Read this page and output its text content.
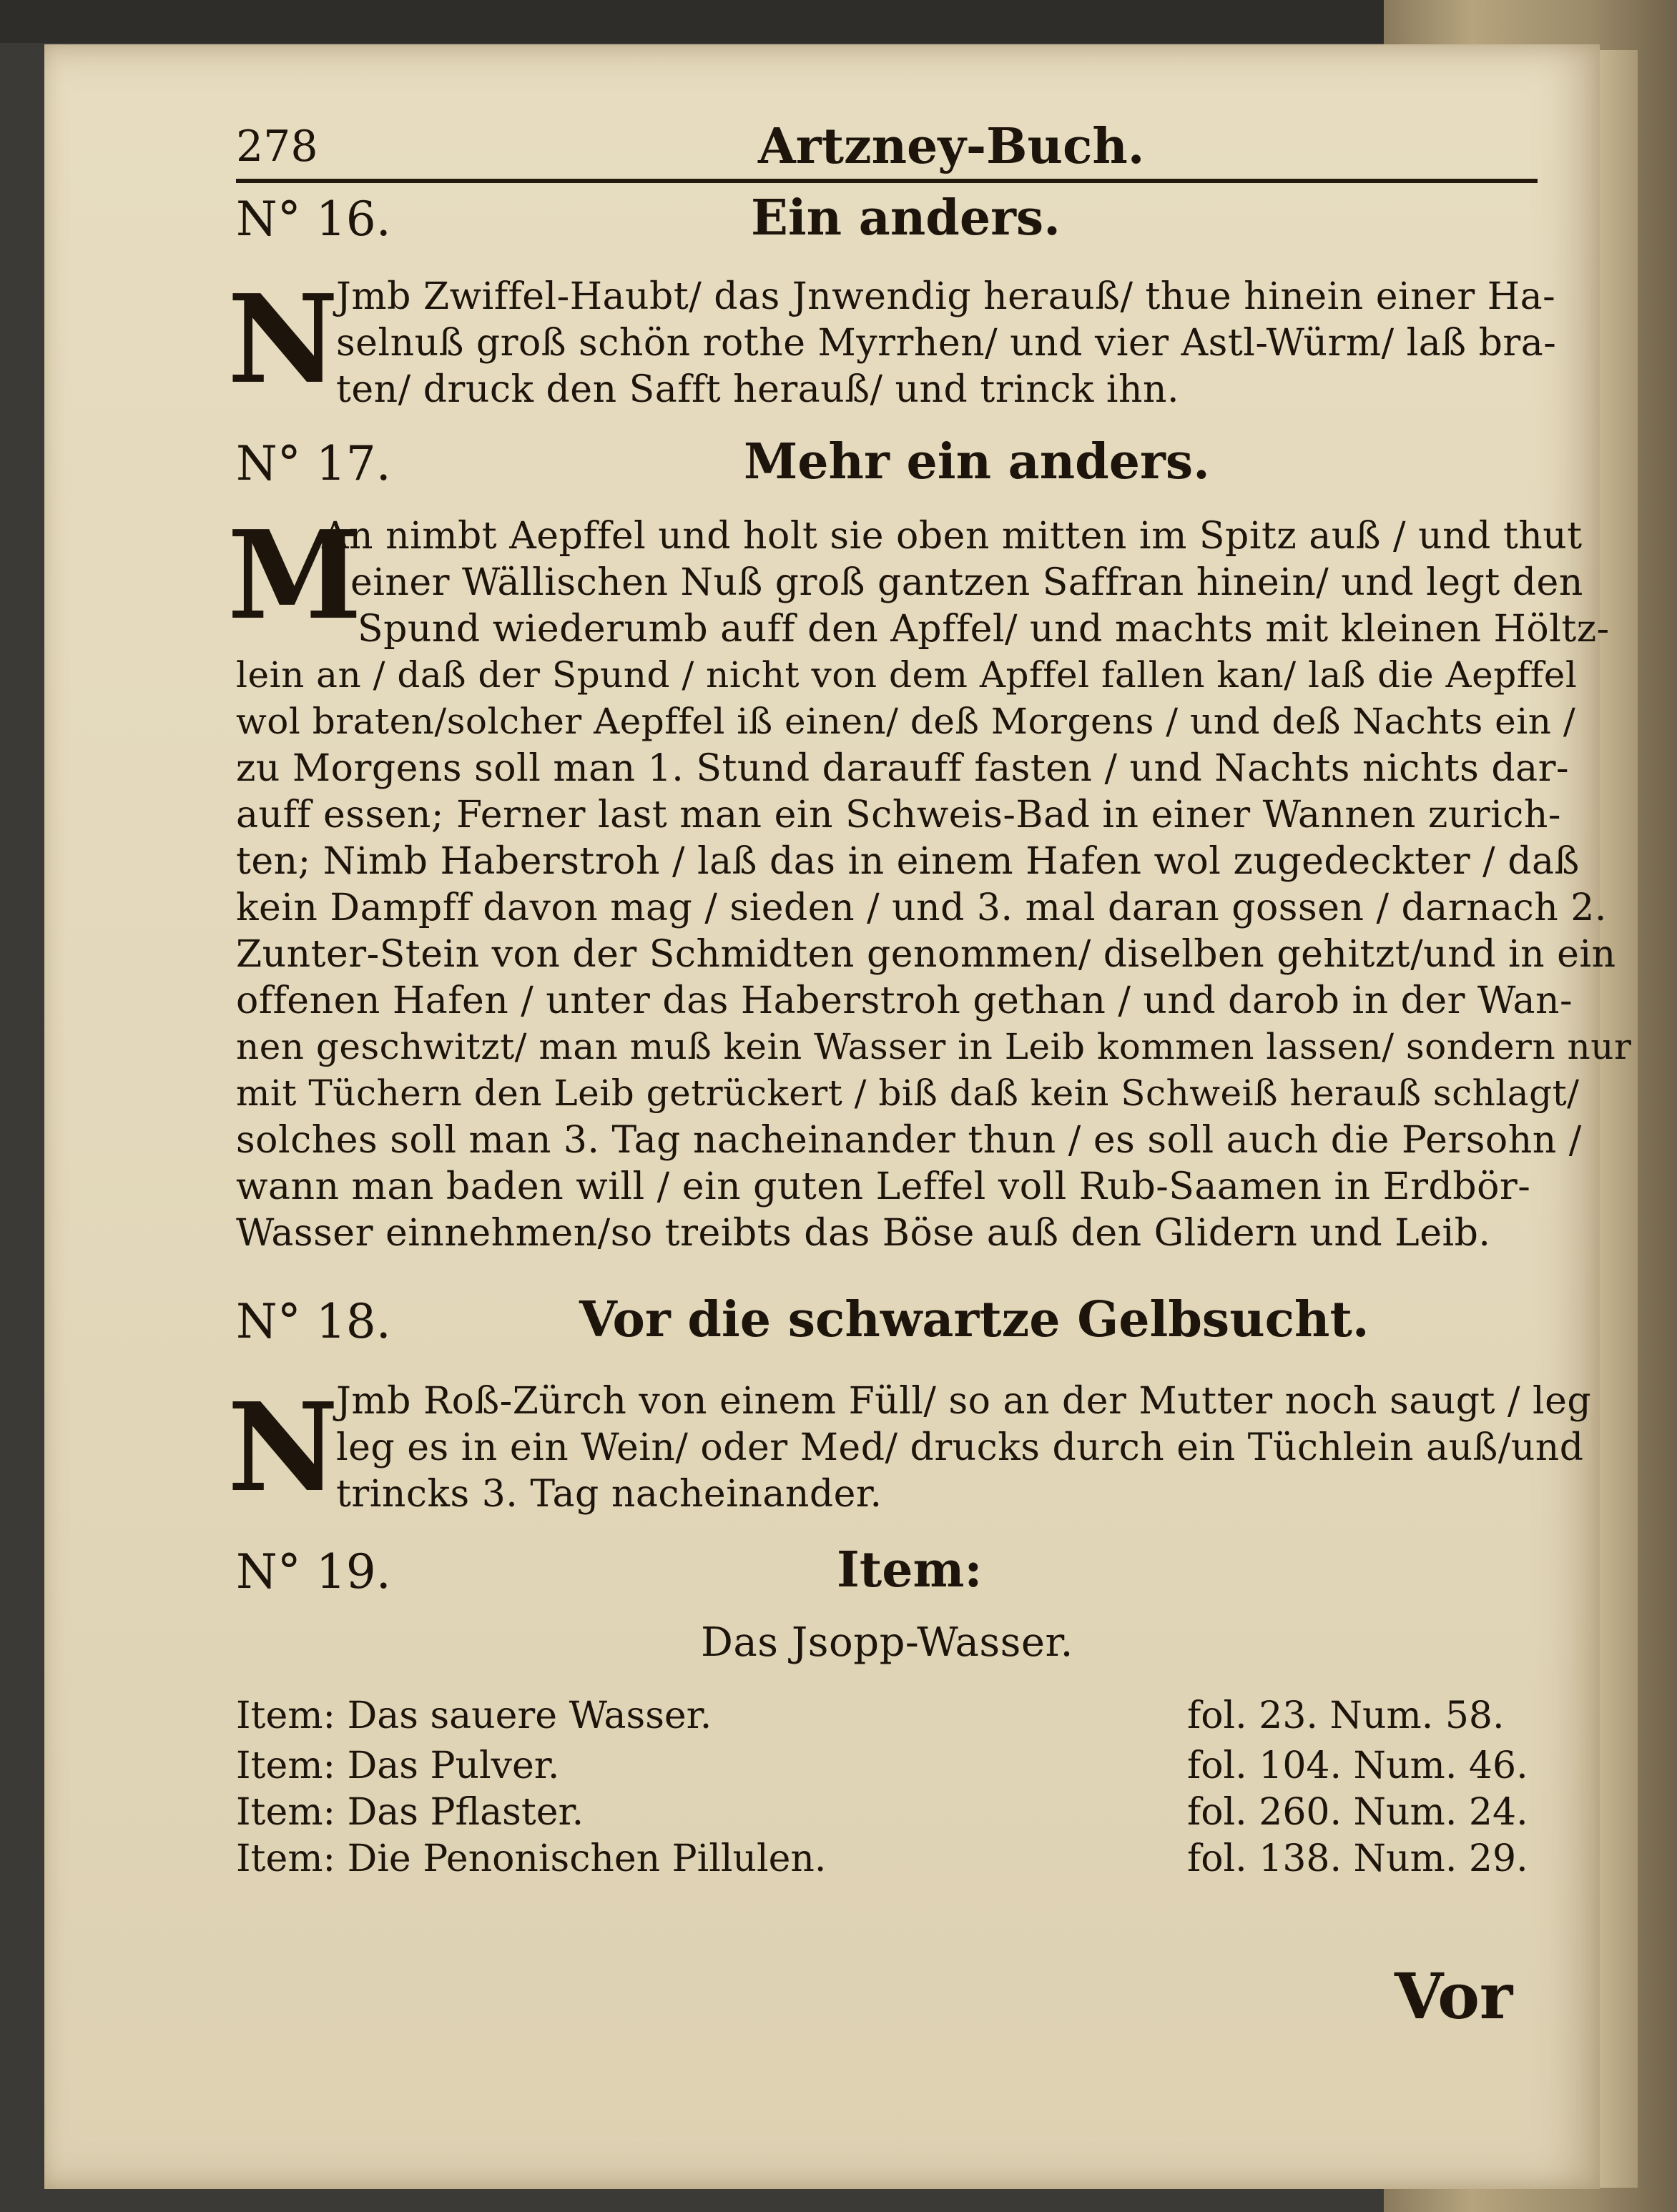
278	Artzney-Buch.
N° 16.	Ein anders.
N
Jmb Zwiffel-Haubt/ das Jnwendig herauß/ thue hinein einer Ha-
selnuß groß schön rothe Myrrhen/ und vier Astl-Würm/ laß bra-
ten/ druck den Safft herauß/ und trinck ihn.
N° 17.	Mehr ein anders.
M
An nimbt Aepffel und holt sie oben mitten im Spitz auß / und thut
einer Wällischen Nuß groß gantzen Saffran hinein/ und legt den
Spund wiederumb auff den Apffel/ und machts mit kleinen Höltz-
lein an / daß der Spund / nicht von dem Apffel fallen kan/ laß die Aepffel
wol braten/solcher Aepffel iß einen/ deß Morgens / und deß Nachts ein /
zu Morgens soll man 1. Stund darauff fasten / und Nachts nichts dar-
auff essen; Ferner last man ein Schweis-Bad in einer Wannen zurich-
ten; Nimb Haberstroh / laß das in einem Hafen wol zugedeckter / daß
kein Dampff davon mag / sieden / und 3. mal daran gossen / darnach 2.
Zunter-Stein von der Schmidten genommen/ diselben gehitzt/und in ein
offenen Hafen / unter das Haberstroh gethan / und darob in der Wan-
nen geschwitzt/ man muß kein Wasser in Leib kommen lassen/ sondern nur
mit Tüchern den Leib getrückert / biß daß kein Schweiß herauß schlagt/
solches soll man 3. Tag nacheinander thun / es soll auch die Persohn /
wann man baden will / ein guten Leffel voll Rub-Saamen in Erdbör-
Wasser einnehmen/so treibts das Böse auß den Glidern und Leib.
N° 18.	Vor die schwartze Gelbsucht.
N
Jmb Roß-Zürch von einem Füll/ so an der Mutter noch saugt / leg
leg es in ein Wein/ oder Med/ drucks durch ein Tüchlein auß/und
trincks 3. Tag nacheinander.
N° 19.	Item:
Das Jsopp-Wasser.
Item: Das sauere Wasser.	fol. 23. Num. 58.
Item: Das Pulver.	fol. 104. Num. 46.
Item: Das Pflaster.	fol. 260. Num. 24.
Item: Die Penonischen Pillulen.	fol. 138. Num. 29.
Vor
